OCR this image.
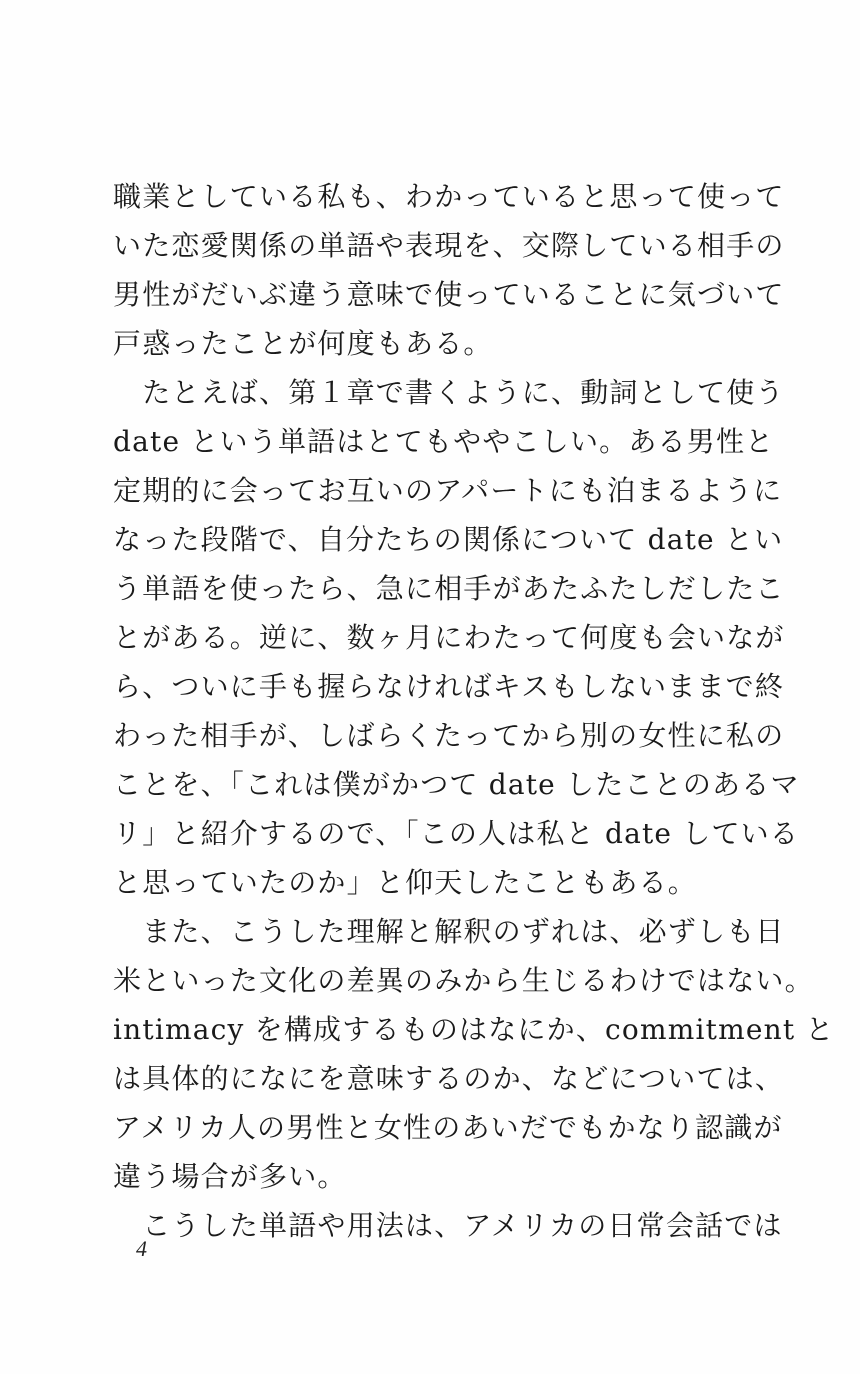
職業としている私も、わかっていると思って使って
いた恋愛関係の単語や表現を、交際している相手の
男性がだいぶ違う意味で使っていることに気づいて
戸惑ったことが何度もある。
　たとえば、第１章で書くように、動詞として使う
date という単語はとてもややこしい。ある男性と
定期的に会ってお互いのアパートにも泊まるように
なった段階で、自分たちの関係について date とい
う単語を使ったら、急に相手があたふたしだしたこ
とがある。逆に、数ヶ月にわたって何度も会いなが
ら、ついに手も握らなければキスもしないままで終
わった相手が、しばらくたってから別の女性に私の
ことを、「これは僕がかつて date したことのあるマ
リ」と紹介するので、「この人は私と date している
と思っていたのか」と仰天したこともある。
　また、こうした理解と解釈のずれは、必ずしも日
米といった文化の差異のみから生じるわけではない。
intimacy を構成するものはなにか、commitment と
は具体的になにを意味するのか、などについては、
アメリカ人の男性と女性のあいだでもかなり認識が
違う場合が多い。
　こうした単語や用法は、アメリカの日常会話では
4
